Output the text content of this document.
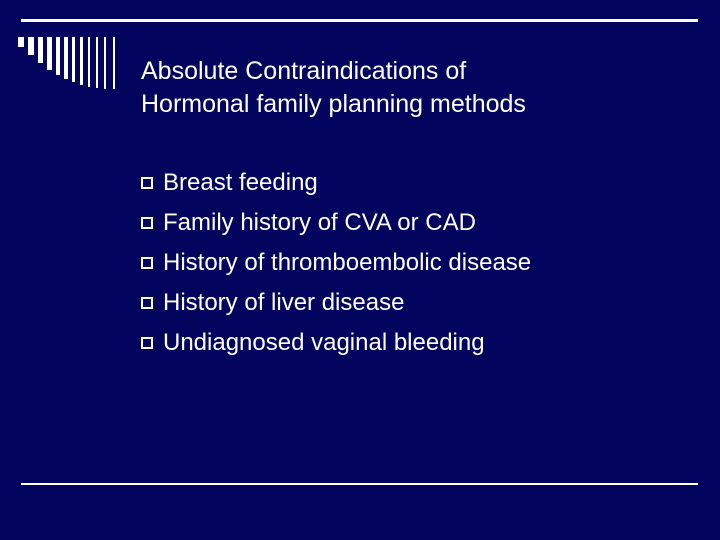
Absolute Contraindications of
Hormonal family planning methods
Breast feeding
Family history of CVA or CAD
History of thromboembolic disease
History of liver disease
Undiagnosed vaginal bleeding
